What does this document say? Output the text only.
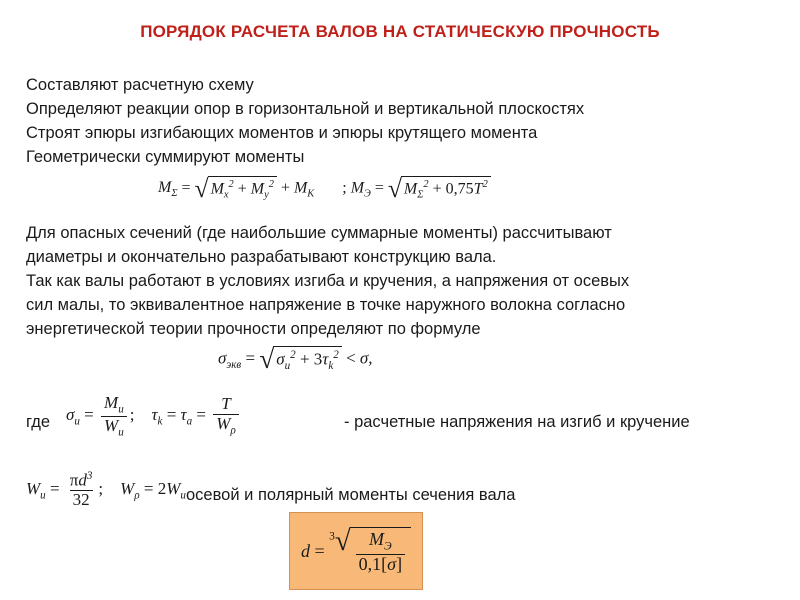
ПОРЯДОК РАСЧЕТА ВАЛОВ НА СТАТИЧЕСКУЮ ПРОЧНОСТЬ
Составляют расчетную схему
Определяют реакции опор в горизонтальной и вертикальной плоскостях
Строят эпюры изгибающих моментов и эпюры крутящего момента
Геометрически суммируют моменты
$M_\Sigma$ = √ $M_x^2 + M_y^2 + M_K$ ; $M_Э$ = √ $M_\Sigma^2 + 0,75T^2$
Для опасных сечений (где наибольшие суммарные моменты) рассчитывают
диаметры и окончательно разрабатывают конструкцию вала.
Так как валы работают в условиях изгиба и кручения, а напряжения от осевых
сил малы, то эквивалентное напряжение в точке наружного волокна согласно
энергетической теории прочности определяют по формуле
$\sigma_{экв}$ = √ $\sigma_и^2 + 3\tau_k^2 < \sigma$,
где $\sigma_и = \frac{M_и}{W_и}$ ;    $\tau_k = \tau_a = \frac{T}{W_\rho}$	- расчетные напряжения на изгиб и кручение
$W_и = \frac{\pi d^3}{32}$ ;    $W_\rho = 2W_и$ осевой и полярный моменты сечения вала
d =
$^3√ \frac{M_Э}{0,1[\sigma]}$
